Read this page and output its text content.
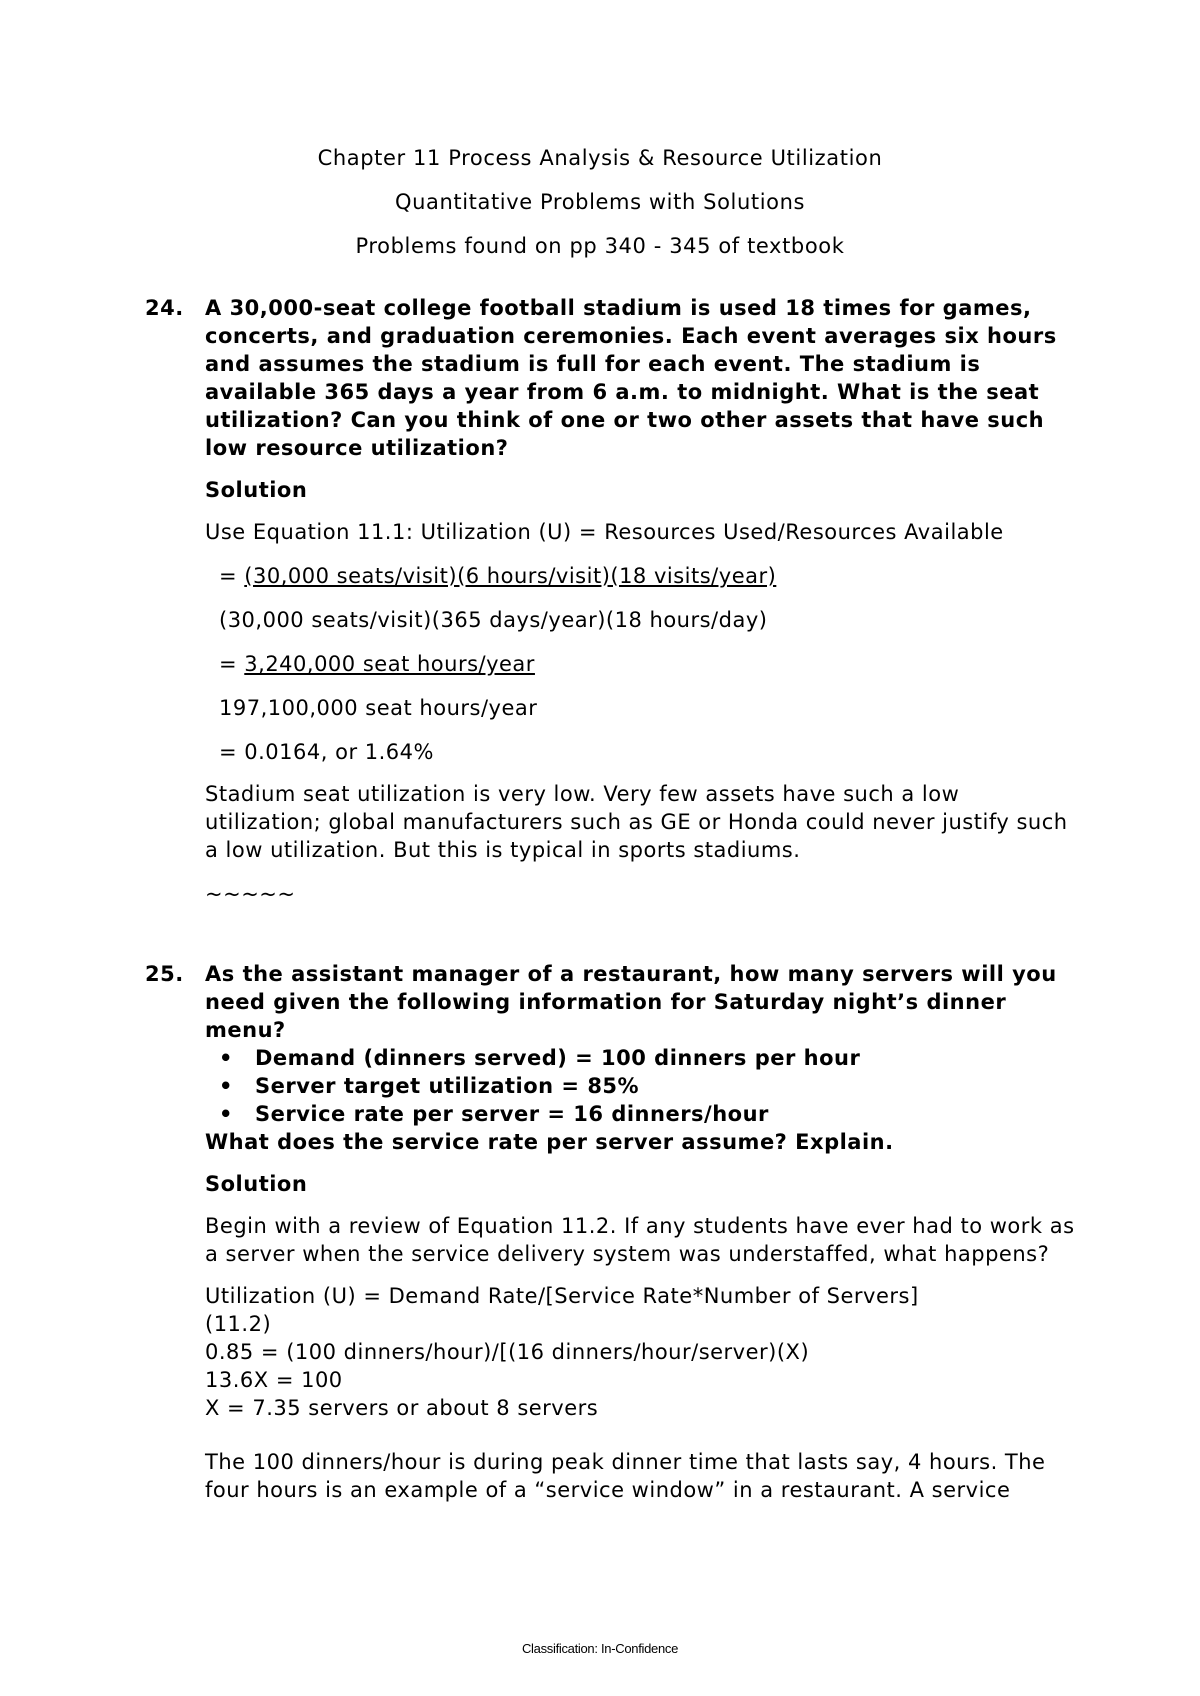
Chapter 11 Process Analysis & Resource Utilization
Quantitative Problems with Solutions
Problems found on pp 340 - 345 of textbook
24. A 30,000-seat college football stadium is used 18 times for games, concerts, and graduation ceremonies. Each event averages six hours and assumes the stadium is full for each event. The stadium is available 365 days a year from 6 a.m. to midnight. What is the seat utilization? Can you think of one or two other assets that have such low resource utilization?
Solution
Use Equation 11.1: Utilization (U) = Resources Used/Resources Available
= (30,000 seats/visit)(6 hours/visit)(18 visits/year)
(30,000 seats/visit)(365 days/year)(18 hours/day)
= 3,240,000 seat hours/year
197,100,000 seat hours/year
= 0.0164, or 1.64%
Stadium seat utilization is very low. Very few assets have such a low utilization; global manufacturers such as GE or Honda could never justify such a low utilization. But this is typical in sports stadiums.
~~~~~
25. As the assistant manager of a restaurant, how many servers will you need given the following information for Saturday night’s dinner menu?
• Demand (dinners served) = 100 dinners per hour
• Server target utilization = 85%
• Service rate per server = 16 dinners/hour
What does the service rate per server assume? Explain.
Solution
Begin with a review of Equation 11.2. If any students have ever had to work as a server when the service delivery system was understaffed, what happens?
Utilization (U) = Demand Rate/[Service Rate*Number of Servers]
(11.2)
0.85 = (100 dinners/hour)/[(16 dinners/hour/server)(X)
13.6X = 100
X = 7.35 servers or about 8 servers
The 100 dinners/hour is during peak dinner time that lasts say, 4 hours. The four hours is an example of a “service window” in a restaurant. A service
Classification: In-Confidence
